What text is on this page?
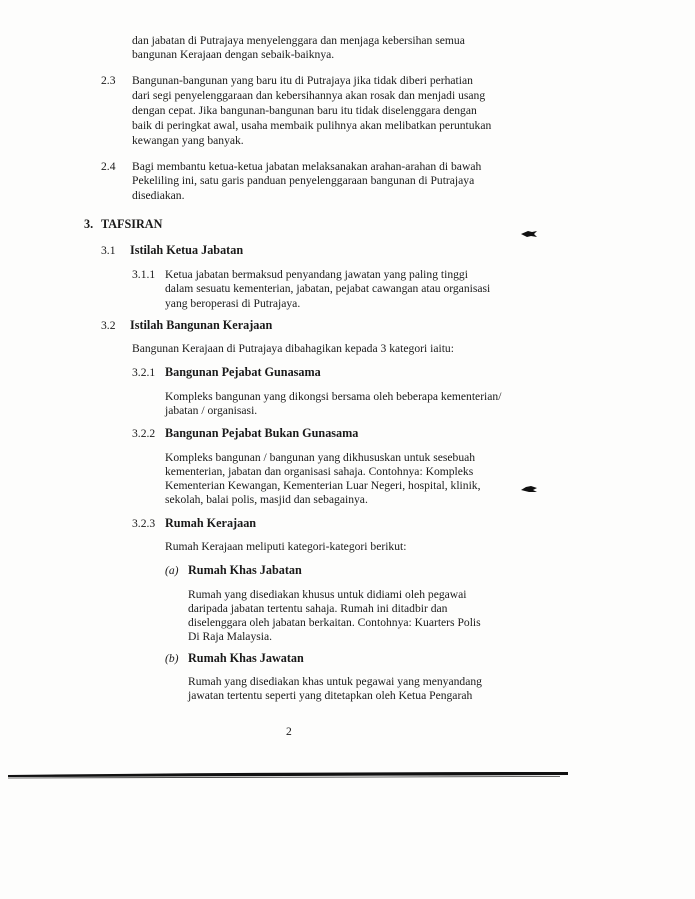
dan jabatan di Putrajaya menyelenggara dan menjaga kebersihan semua

bangunan Kerajaan dengan sebaik-baiknya.

2.3 Bangunan-bangunan yang baru itu di Putrajaya jika tidak diberi perhatian

dari segi penyelenggaraan dan kebersihannya akan rosak dan menjadi usang

dengan cepat. Jika bangunan-bangunan baru itu tidak diselenggara dengan

baik di peringkat awal, usaha membaik pulihnya akan melibatkan peruntukan

kewangan yang banyak.

2.4 Bagi membantu ketua-ketua jabatan melaksanakan arahan-arahan di bawah

Pekeliling ini, satu garis panduan penyelenggaraan bangunan di Putrajaya

disediakan.

3. TAFSIRAN

3.1 Istilah Ketua Jabatan

3.1.1 Ketua jabatan bermaksud penyandang jawatan yang paling tinggi

dalam sesuatu kementerian, jabatan, pejabat cawangan atau organisasi

yang beroperasi di Putrajaya.

3.2 Istilah Bangunan Kerajaan

Bangunan Kerajaan di Putrajaya dibahagikan kepada 3 kategori iaitu:

3.2.1 Bangunan Pejabat Gunasama

Kompleks bangunan yang dikongsi bersama oleh beberapa kementerian/

jabatan / organisasi.

3.2.2 Bangunan Pejabat Bukan Gunasama

Kompleks bangunan / bangunan yang dikhususkan untuk sesebuah

kementerian, jabatan dan organisasi sahaja. Contohnya: Kompleks

Kementerian Kewangan, Kementerian Luar Negeri, hospital, klinik,

sekolah, balai polis, masjid dan sebagainya.

3.2.3 Rumah Kerajaan

Rumah Kerajaan meliputi kategori-kategori berikut:

(a) Rumah Khas Jabatan

Rumah yang disediakan khusus untuk didiami oleh pegawai

daripada jabatan tertentu sahaja. Rumah ini ditadbir dan

diselenggara oleh jabatan berkaitan. Contohnya: Kuarters Polis

Di Raja Malaysia.

(b) Rumah Khas Jawatan

Rumah yang disediakan khas untuk pegawai yang menyandang

jawatan tertentu seperti yang ditetapkan oleh Ketua Pengarah

2
